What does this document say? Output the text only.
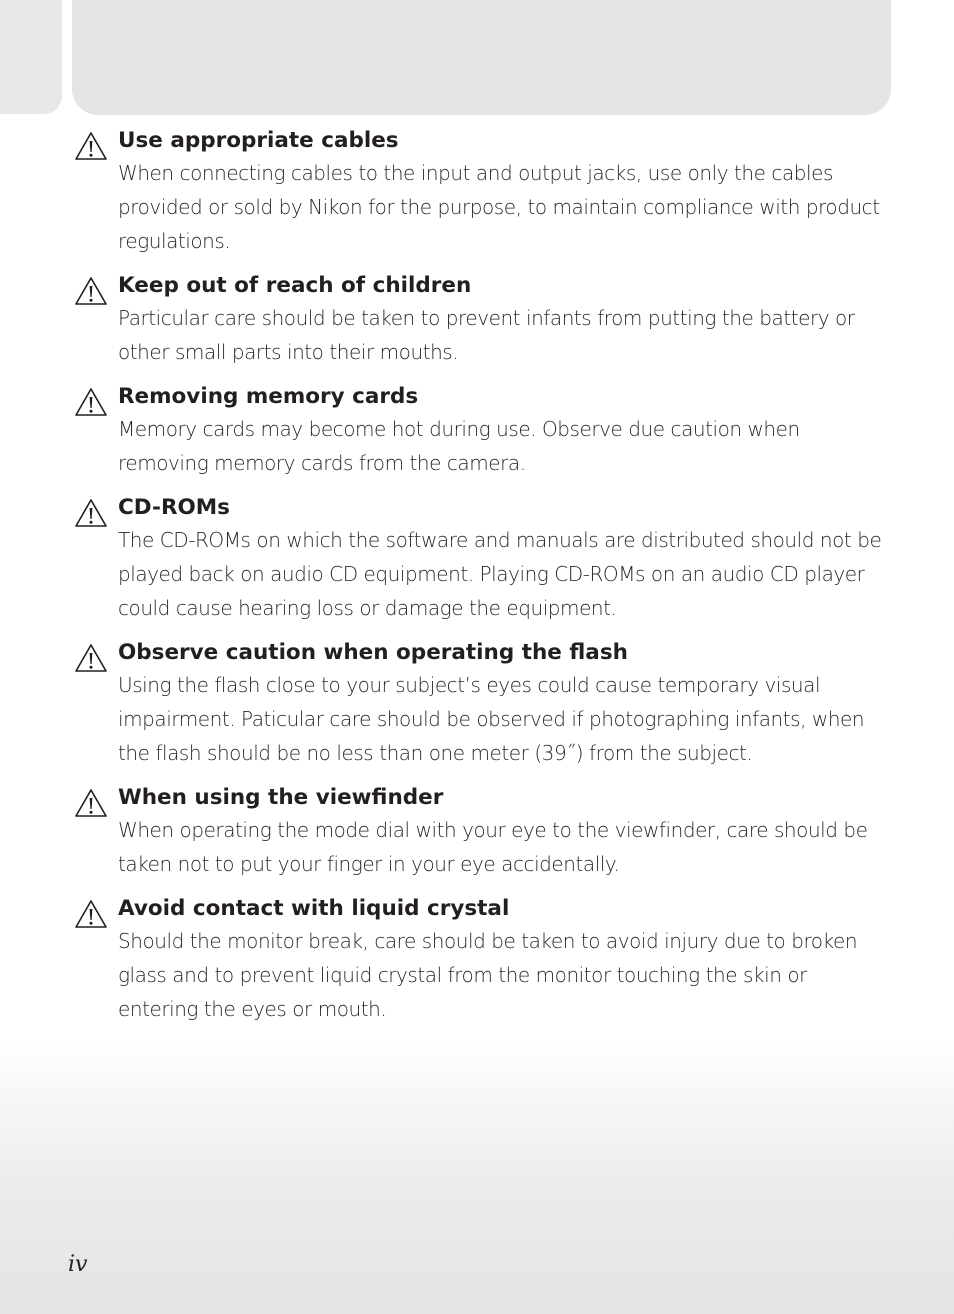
Use appropriate cables
When connecting cables to the input and output jacks, use only the cables provided or sold by Nikon for the purpose, to maintain compliance with product regulations.
Keep out of reach of children
Particular care should be taken to prevent infants from putting the battery or other small parts into their mouths.
Removing memory cards
Memory cards may become hot during use. Observe due caution when removing memory cards from the camera.
CD-ROMs
The CD-ROMs on which the software and manuals are distributed should not be played back on audio CD equipment. Playing CD-ROMs on an audio CD player could cause hearing loss or damage the equipment.
Observe caution when operating the flash
Using the flash close to your subject’s eyes could cause temporary visual impairment. Paticular care should be observed if photographing infants, when the flash should be no less than one meter (39˝) from the subject.
When using the viewfinder
When operating the mode dial with your eye to the viewfinder, care should be taken not to put your finger in your eye accidentally.
Avoid contact with liquid crystal
Should the monitor break, care should be taken to avoid injury due to broken glass and to prevent liquid crystal from the monitor touching the skin or entering the eyes or mouth.
iv
